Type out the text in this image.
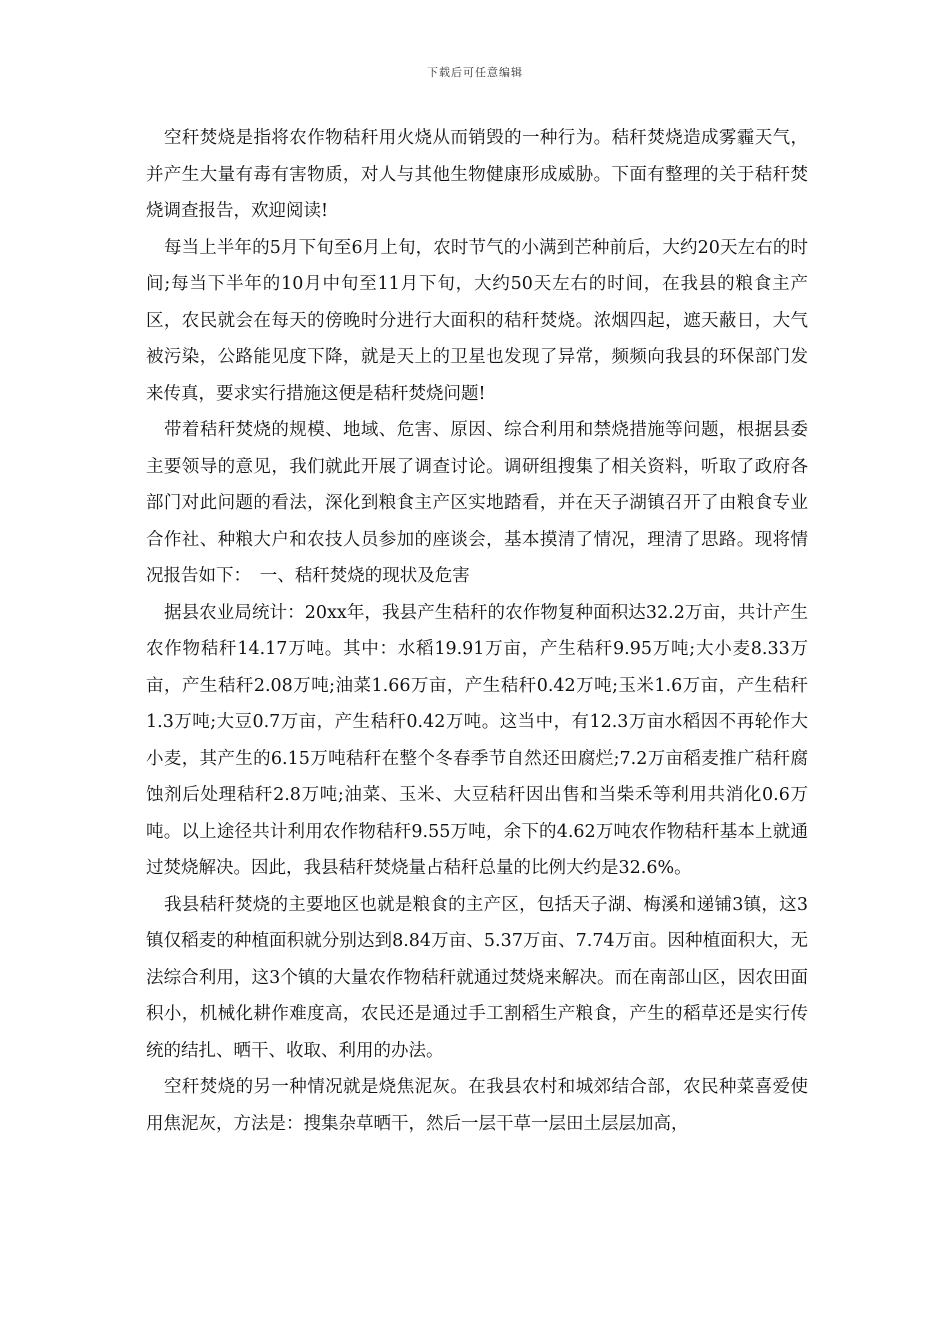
下载后可任意编辑

空秆焚烧是指将农作物秸秆用火烧从而销毁的一种行为。秸秆焚烧造成雾霾天气，并产生大量有毒有害物质，对人与其他生物健康形成威胁。下面有整理的关于秸秆焚烧调查报告，欢迎阅读!

每当上半年的5月下旬至6月上旬，农时节气的小满到芒种前后，大约20天左右的时间;每当下半年的10月中旬至11月下旬，大约50天左右的时间，在我县的粮食主产区，农民就会在每天的傍晚时分进行大面积的秸秆焚烧。浓烟四起，遮天蔽日，大气被污染，公路能见度下降，就是天上的卫星也发现了异常，频频向我县的环保部门发来传真，要求实行措施这便是秸秆焚烧问题!

带着秸秆焚烧的规模、地域、危害、原因、综合利用和禁烧措施等问题，根据县委主要领导的意见，我们就此开展了调查讨论。调研组搜集了相关资料，听取了政府各部门对此问题的看法，深化到粮食主产区实地踏看，并在天子湖镇召开了由粮食专业合作社、种粮大户和农技人员参加的座谈会，基本摸清了情况，理清了思路。现将情况报告如下：　一、秸秆焚烧的现状及危害

据县农业局统计：20xx年，我县产生秸秆的农作物复种面积达32.2万亩，共计产生农作物秸秆14.17万吨。其中：水稻19.91万亩，产生秸秆9.95万吨;大小麦8.33万亩，产生秸秆2.08万吨;油菜1.66万亩，产生秸秆0.42万吨;玉米1.6万亩，产生秸秆1.3万吨;大豆0.7万亩，产生秸秆0.42万吨。这当中，有12.3万亩水稻因不再轮作大小麦，其产生的6.15万吨秸秆在整个冬春季节自然还田腐烂;7.2万亩稻麦推广秸秆腐蚀剂后处理秸秆2.8万吨;油菜、玉米、大豆秸秆因出售和当柴禾等利用共消化0.6万吨。以上途径共计利用农作物秸秆9.55万吨，余下的4.62万吨农作物秸秆基本上就通过焚烧解决。因此，我县秸秆焚烧量占秸秆总量的比例大约是32.6%。

我县秸秆焚烧的主要地区也就是粮食的主产区，包括天子湖、梅溪和递铺3镇，这3镇仅稻麦的种植面积就分别达到8.84万亩、5.37万亩、7.74万亩。因种植面积大，无法综合利用，这3个镇的大量农作物秸秆就通过焚烧来解决。而在南部山区，因农田面积小，机械化耕作难度高，农民还是通过手工割稻生产粮食，产生的稻草还是实行传统的结扎、晒干、收取、利用的办法。

空秆焚烧的另一种情况就是烧焦泥灰。在我县农村和城郊结合部，农民种菜喜爱使用焦泥灰，方法是：搜集杂草晒干，然后一层干草一层田土层层加高，
